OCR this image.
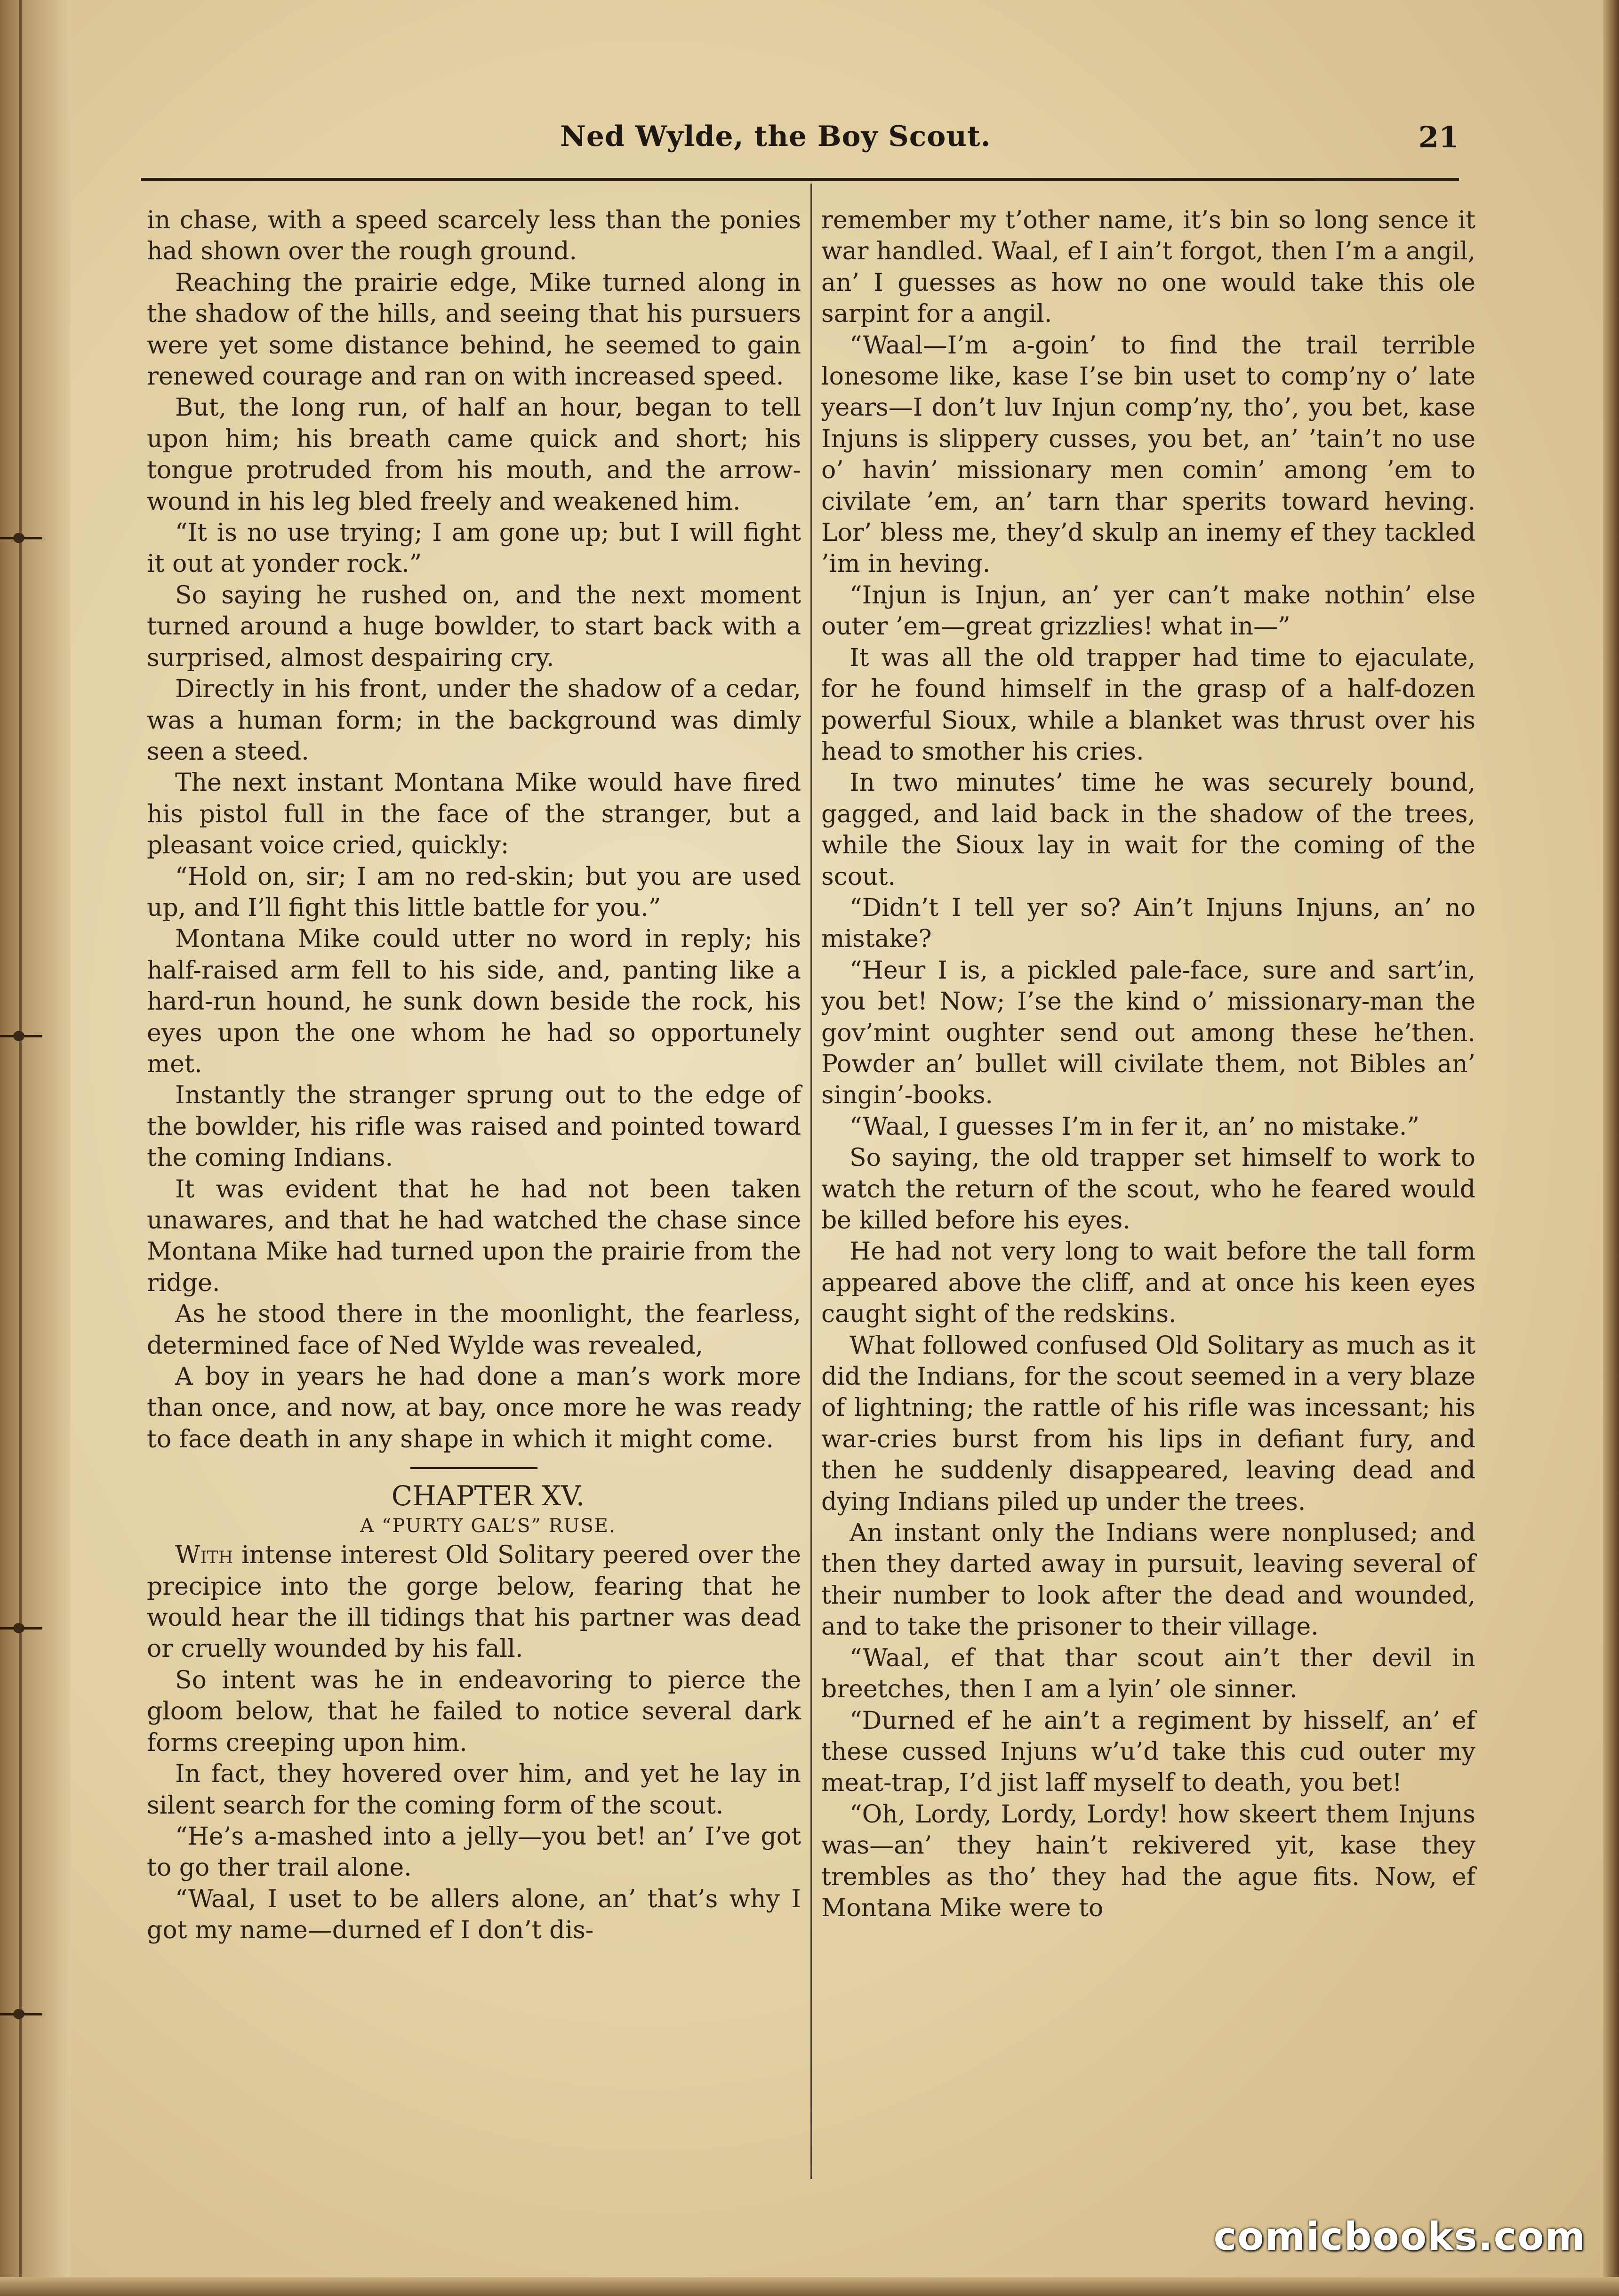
Ned Wylde, the Boy Scout.	21

in chase, with a speed scarcely less than the ponies had shown over the rough ground.

Reaching the prairie edge, Mike turned along in the shadow of the hills, and seeing that his pursuers were yet some distance behind, he seemed to gain renewed courage and ran on with increased speed.

But, the long run, of half an hour, began to tell upon him; his breath came quick and short; his tongue protruded from his mouth, and the arrow-wound in his leg bled freely and weakened him.

“It is no use trying; I am gone up; but I will fight it out at yonder rock.”

So saying he rushed on, and the next moment turned around a huge bowlder, to start back with a surprised, almost despairing cry.

Directly in his front, under the shadow of a cedar, was a human form; in the background was dimly seen a steed.

The next instant Montana Mike would have fired his pistol full in the face of the stranger, but a pleasant voice cried, quickly:

“Hold on, sir; I am no red-skin; but you are used up, and I’ll fight this little battle for you.”

Montana Mike could utter no word in reply; his half-raised arm fell to his side, and, panting like a hard-run hound, he sunk down beside the rock, his eyes upon the one whom he had so opportunely met.

Instantly the stranger sprung out to the edge of the bowlder, his rifle was raised and pointed toward the coming Indians.

It was evident that he had not been taken unawares, and that he had watched the chase since Montana Mike had turned upon the prairie from the ridge.

As he stood there in the moonlight, the fearless, determined face of Ned Wylde was revealed,

A boy in years he had done a man’s work more than once, and now, at bay, once more he was ready to face death in any shape in which it might come.

CHAPTER XV.

A “PURTY GAL’S” RUSE.

With intense interest Old Solitary peered over the precipice into the gorge below, fearing that he would hear the ill tidings that his partner was dead or cruelly wounded by his fall.

So intent was he in endeavoring to pierce the gloom below, that he failed to notice several dark forms creeping upon him.

In fact, they hovered over him, and yet he lay in silent search for the coming form of the scout.

“He’s a-mashed into a jelly—you bet! an’ I’ve got to go ther trail alone.

“Waal, I uset to be allers alone, an’ that’s why I got my name—durned ef I don’t dis-

remember my t’other name, it’s bin so long sence it war handled. Waal, ef I ain’t forgot, then I’m a angil, an’ I guesses as how no one would take this ole sarpint for a angil.

“Waal—I’m a-goin’ to find the trail terrible lonesome like, kase I’se bin uset to comp’ny o’ late years—I don’t luv Injun comp’ny, tho’, you bet, kase Injuns is slippery cusses, you bet, an’ ’tain’t no use o’ havin’ missionary men comin’ among ’em to civilate ’em, an’ tarn thar sperits toward heving. Lor’ bless me, they’d skulp an inemy ef they tackled ’im in heving.

“Injun is Injun, an’ yer can’t make nothin’ else outer ’em—great grizzlies! what in—”

It was all the old trapper had time to ejaculate, for he found himself in the grasp of a half-dozen powerful Sioux, while a blanket was thrust over his head to smother his cries.

In two minutes’ time he was securely bound, gagged, and laid back in the shadow of the trees, while the Sioux lay in wait for the coming of the scout.

“Didn’t I tell yer so? Ain’t Injuns Injuns, an’ no mistake?

“Heur I is, a pickled pale-face, sure and sart’in, you bet! Now; I’se the kind o’ missionary-man the gov’mint oughter send out among these he’then. Powder an’ bullet will civilate them, not Bibles an’ singin’-books.

“Waal, I guesses I’m in fer it, an’ no mistake.”

So saying, the old trapper set himself to work to watch the return of the scout, who he feared would be killed before his eyes.

He had not very long to wait before the tall form appeared above the cliff, and at once his keen eyes caught sight of the redskins.

What followed confused Old Solitary as much as it did the Indians, for the scout seemed in a very blaze of lightning; the rattle of his rifle was incessant; his war-cries burst from his lips in defiant fury, and then he suddenly disappeared, leaving dead and dying Indians piled up under the trees.

An instant only the Indians were nonplused; and then they darted away in pursuit, leaving several of their number to look after the dead and wounded, and to take the prisoner to their village.

“Waal, ef that thar scout ain’t ther devil in breetches, then I am a lyin’ ole sinner.

“Durned ef he ain’t a regiment by hisself, an’ ef these cussed Injuns w’u’d take this cud outer my meat-trap, I’d jist laff myself to death, you bet!

“Oh, Lordy, Lordy, Lordy! how skeert them Injuns was—an’ they hain’t rekivered yit, kase they trembles as tho’ they had the ague fits. Now, ef Montana Mike were to

comicbooks.com
